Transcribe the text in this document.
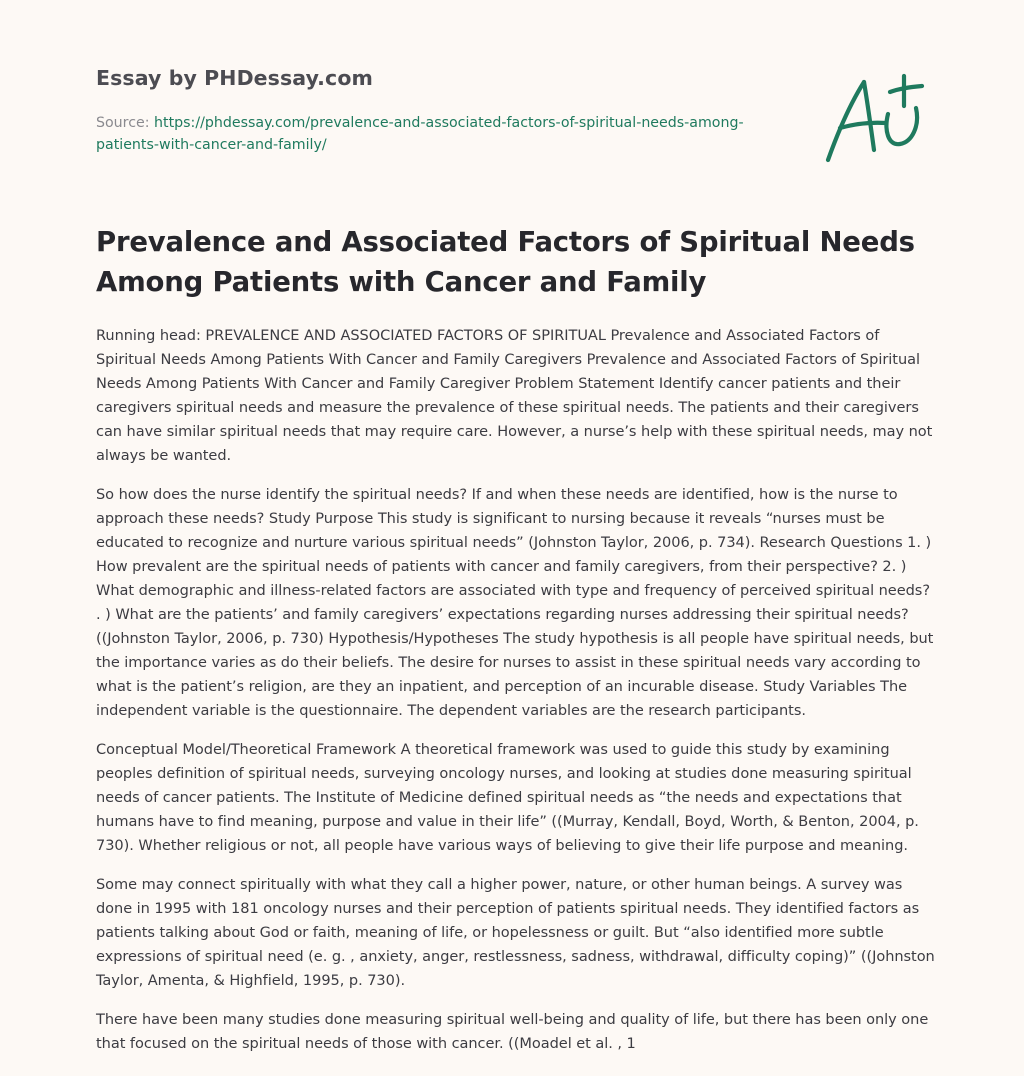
Essay by PHDessay.com

Source: https://phdessay.com/prevalence-and-associated-factors-of-spiritual-needs-among-patients-with-cancer-and-family/

Prevalence and Associated Factors of Spiritual Needs Among Patients with Cancer and Family

Running head: PREVALENCE AND ASSOCIATED FACTORS OF SPIRITUAL Prevalence and Associated Factors of Spiritual Needs Among Patients With Cancer and Family Caregivers Prevalence and Associated Factors of Spiritual Needs Among Patients With Cancer and Family Caregiver Problem Statement Identify cancer patients and their caregivers spiritual needs and measure the prevalence of these spiritual needs. The patients and their caregivers can have similar spiritual needs that may require care. However, a nurse’s help with these spiritual needs, may not always be wanted.

So how does the nurse identify the spiritual needs? If and when these needs are identified, how is the nurse to approach these needs? Study Purpose This study is significant to nursing because it reveals “nurses must be educated to recognize and nurture various spiritual needs” (Johnston Taylor, 2006, p. 734). Research Questions 1. ) How prevalent are the spiritual needs of patients with cancer and family caregivers, from their perspective? 2. ) What demographic and illness-related factors are associated with type and frequency of perceived spiritual needs? . ) What are the patients’ and family caregivers’ expectations regarding nurses addressing their spiritual needs? ((Johnston Taylor, 2006, p. 730) Hypothesis/Hypotheses The study hypothesis is all people have spiritual needs, but the importance varies as do their beliefs. The desire for nurses to assist in these spiritual needs vary according to what is the patient’s religion, are they an inpatient, and perception of an incurable disease. Study Variables The independent variable is the questionnaire. The dependent variables are the research participants.

Conceptual Model/Theoretical Framework A theoretical framework was used to guide this study by examining peoples definition of spiritual needs, surveying oncology nurses, and looking at studies done measuring spiritual needs of cancer patients. The Institute of Medicine defined spiritual needs as “the needs and expectations that humans have to find meaning, purpose and value in their life” ((Murray, Kendall, Boyd, Worth, & Benton, 2004, p. 730). Whether religious or not, all people have various ways of believing to give their life purpose and meaning.

Some may connect spiritually with what they call a higher power, nature, or other human beings. A survey was done in 1995 with 181 oncology nurses and their perception of patients spiritual needs. They identified factors as patients talking about God or faith, meaning of life, or hopelessness or guilt. But “also identified more subtle expressions of spiritual need (e. g. , anxiety, anger, restlessness, sadness, withdrawal, difficulty coping)” ((Johnston Taylor, Amenta, & Highfield, 1995, p. 730).

There have been many studies done measuring spiritual well-being and quality of life, but there has been only one that focused on the spiritual needs of those with cancer. ((Moadel et al. , 1
